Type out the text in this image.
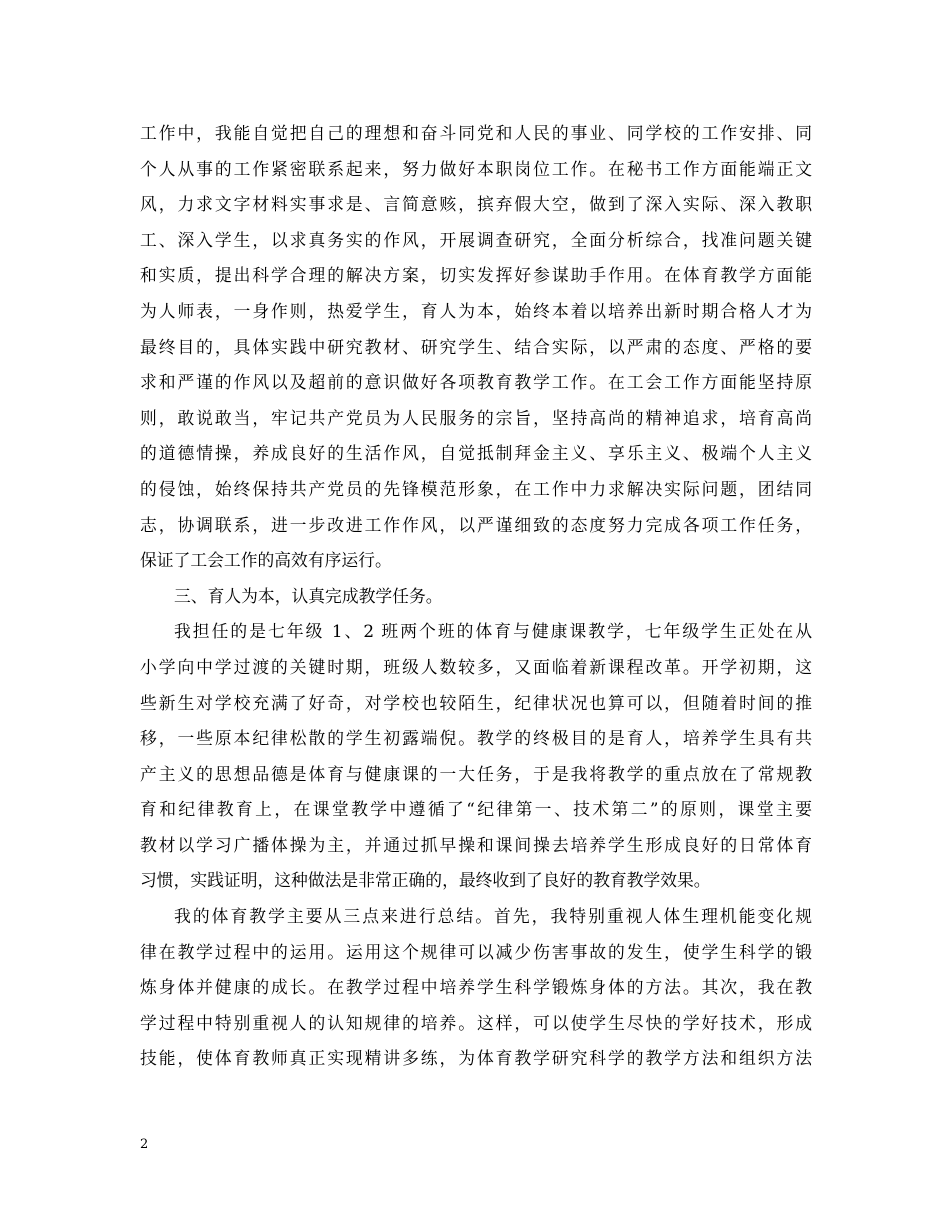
工作中，我能自觉把自己的理想和奋斗同党和人民的事业、同学校的工作安排、同
个人从事的工作紧密联系起来，努力做好本职岗位工作。在秘书工作方面能端正文
风，力求文字材料实事求是、言简意赅，摈弃假大空，做到了深入实际、深入教职
工、深入学生，以求真务实的作风，开展调查研究，全面分析综合，找准问题关键
和实质，提出科学合理的解决方案，切实发挥好参谋助手作用。在体育教学方面能
为人师表，一身作则，热爱学生，育人为本，始终本着以培养出新时期合格人才为
最终目的，具体实践中研究教材、研究学生、结合实际，以严肃的态度、严格的要
求和严谨的作风以及超前的意识做好各项教育教学工作。在工会工作方面能坚持原
则，敢说敢当，牢记共产党员为人民服务的宗旨，坚持高尚的精神追求，培育高尚
的道德情操，养成良好的生活作风，自觉抵制拜金主义、享乐主义、极端个人主义
的侵蚀，始终保持共产党员的先锋模范形象，在工作中力求解决实际问题，团结同
志，协调联系，进一步改进工作作风，以严谨细致的态度努力完成各项工作任务，
保证了工会工作的高效有序运行。
三、育人为本，认真完成教学任务。
我担任的是七年级 1、2 班两个班的体育与健康课教学，七年级学生正处在从
小学向中学过渡的关键时期，班级人数较多，又面临着新课程改革。开学初期，这
些新生对学校充满了好奇，对学校也较陌生，纪律状况也算可以，但随着时间的推
移，一些原本纪律松散的学生初露端倪。教学的终极目的是育人，培养学生具有共
产主义的思想品德是体育与健康课的一大任务，于是我将教学的重点放在了常规教
育和纪律教育上，在课堂教学中遵循了“纪律第一、技术第二”的原则，课堂主要
教材以学习广播体操为主，并通过抓早操和课间操去培养学生形成良好的日常体育
习惯，实践证明，这种做法是非常正确的，最终收到了良好的教育教学效果。
我的体育教学主要从三点来进行总结。首先，我特别重视人体生理机能变化规
律在教学过程中的运用。运用这个规律可以减少伤害事故的发生，使学生科学的锻
炼身体并健康的成长。在教学过程中培养学生科学锻炼身体的方法。其次，我在教
学过程中特别重视人的认知规律的培养。这样，可以使学生尽快的学好技术，形成
技能，使体育教师真正实现精讲多练，为体育教学研究科学的教学方法和组织方法
2
